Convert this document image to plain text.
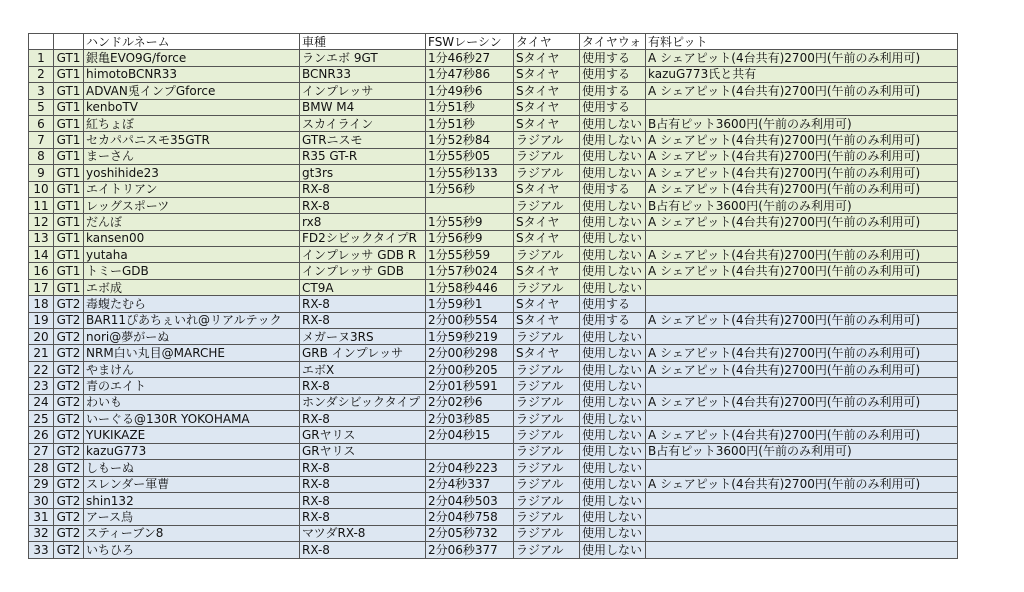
		ハンドルネーム	車種	FSWレーシン	タイヤ	タイヤウォ	有料ピット
1	GT1	銀亀EVO9G/force	ランエボ 9GT	1分46秒27	Sタイヤ	使用する	A シェアピット(4台共有)2700円(午前のみ利用可)
2	GT1	himotoBCNR33	BCNR33	1分47秒86	Sタイヤ	使用する	kazuG773氏と共有
3	GT1	ADVAN兎インプGforce	インプレッサ	1分49秒6	Sタイヤ	使用する	A シェアピット(4台共有)2700円(午前のみ利用可)
5	GT1	kenboTV	BMW M4	1分51秒	Sタイヤ	使用する	
6	GT1	紅ちょぼ	スカイライン	1分51秒	Sタイヤ	使用しない	B占有ピット3600円(午前のみ利用可)
7	GT1	セカパパニスモ35GTR	GTRニスモ	1分52秒84	ラジアル	使用しない	A シェアピット(4台共有)2700円(午前のみ利用可)
8	GT1	まーさん	R35 GT-R	1分55秒05	ラジアル	使用しない	A シェアピット(4台共有)2700円(午前のみ利用可)
9	GT1	yoshihide23	gt3rs	1分55秒133	ラジアル	使用しない	A シェアピット(4台共有)2700円(午前のみ利用可)
10	GT1	エイトリアン	RX-8	1分56秒	Sタイヤ	使用する	A シェアピット(4台共有)2700円(午前のみ利用可)
11	GT1	レッグスポーツ	RX-8		ラジアル	使用しない	B占有ピット3600円(午前のみ利用可)
12	GT1	だんぼ	rx8	1分55秒9	Sタイヤ	使用しない	A シェアピット(4台共有)2700円(午前のみ利用可)
13	GT1	kansen00	FD2シビックタイプR	1分56秒9	Sタイヤ	使用しない	
14	GT1	yutaha	インプレッサ GDB R	1分55秒59	ラジアル	使用しない	A シェアピット(4台共有)2700円(午前のみ利用可)
16	GT1	トミーGDB	インプレッサ GDB	1分57秒024	Sタイヤ	使用しない	A シェアピット(4台共有)2700円(午前のみ利用可)
17	GT1	エボ成	CT9A	1分58秒446	ラジアル	使用しない	
18	GT2	毒蝮たむら	RX-8	1分59秒1	Sタイヤ	使用する	
19	GT2	BAR11ぴあちぇいれ@リアルテック	RX-8	2分00秒554	Sタイヤ	使用する	A シェアピット(4台共有)2700円(午前のみ利用可)
20	GT2	nori@夢がーぬ	メガーヌ3RS	1分59秒219	ラジアル	使用しない	
21	GT2	NRM白い丸目@MARCHE	GRB インプレッサ	2分00秒298	Sタイヤ	使用しない	A シェアピット(4台共有)2700円(午前のみ利用可)
22	GT2	やまけん	エボX	2分00秒205	ラジアル	使用しない	A シェアピット(4台共有)2700円(午前のみ利用可)
23	GT2	青のエイト	RX-8	2分01秒591	ラジアル	使用しない	
24	GT2	わいも	ホンダシビックタイプ	2分02秒6	ラジアル	使用しない	A シェアピット(4台共有)2700円(午前のみ利用可)
25	GT2	いーぐる@130R YOKOHAMA	RX-8	2分03秒85	ラジアル	使用しない	
26	GT2	YUKIKAZE	GRヤリス	2分04秒15	ラジアル	使用しない	A シェアピット(4台共有)2700円(午前のみ利用可)
27	GT2	kazuG773	GRヤリス		ラジアル	使用しない	B占有ピット3600円(午前のみ利用可)
28	GT2	しもーぬ	RX-8	2分04秒223	ラジアル	使用しない	
29	GT2	スレンダー軍曹	RX-8	2分4秒337	ラジアル	使用しない	A シェアピット(4台共有)2700円(午前のみ利用可)
30	GT2	shin132	RX-8	2分04秒503	ラジアル	使用しない	
31	GT2	アース烏	RX-8	2分04秒758	ラジアル	使用しない	
32	GT2	スティーブン8	マツダRX-8	2分05秒732	ラジアル	使用しない	
33	GT2	いちひろ	RX-8	2分06秒377	ラジアル	使用しない	
